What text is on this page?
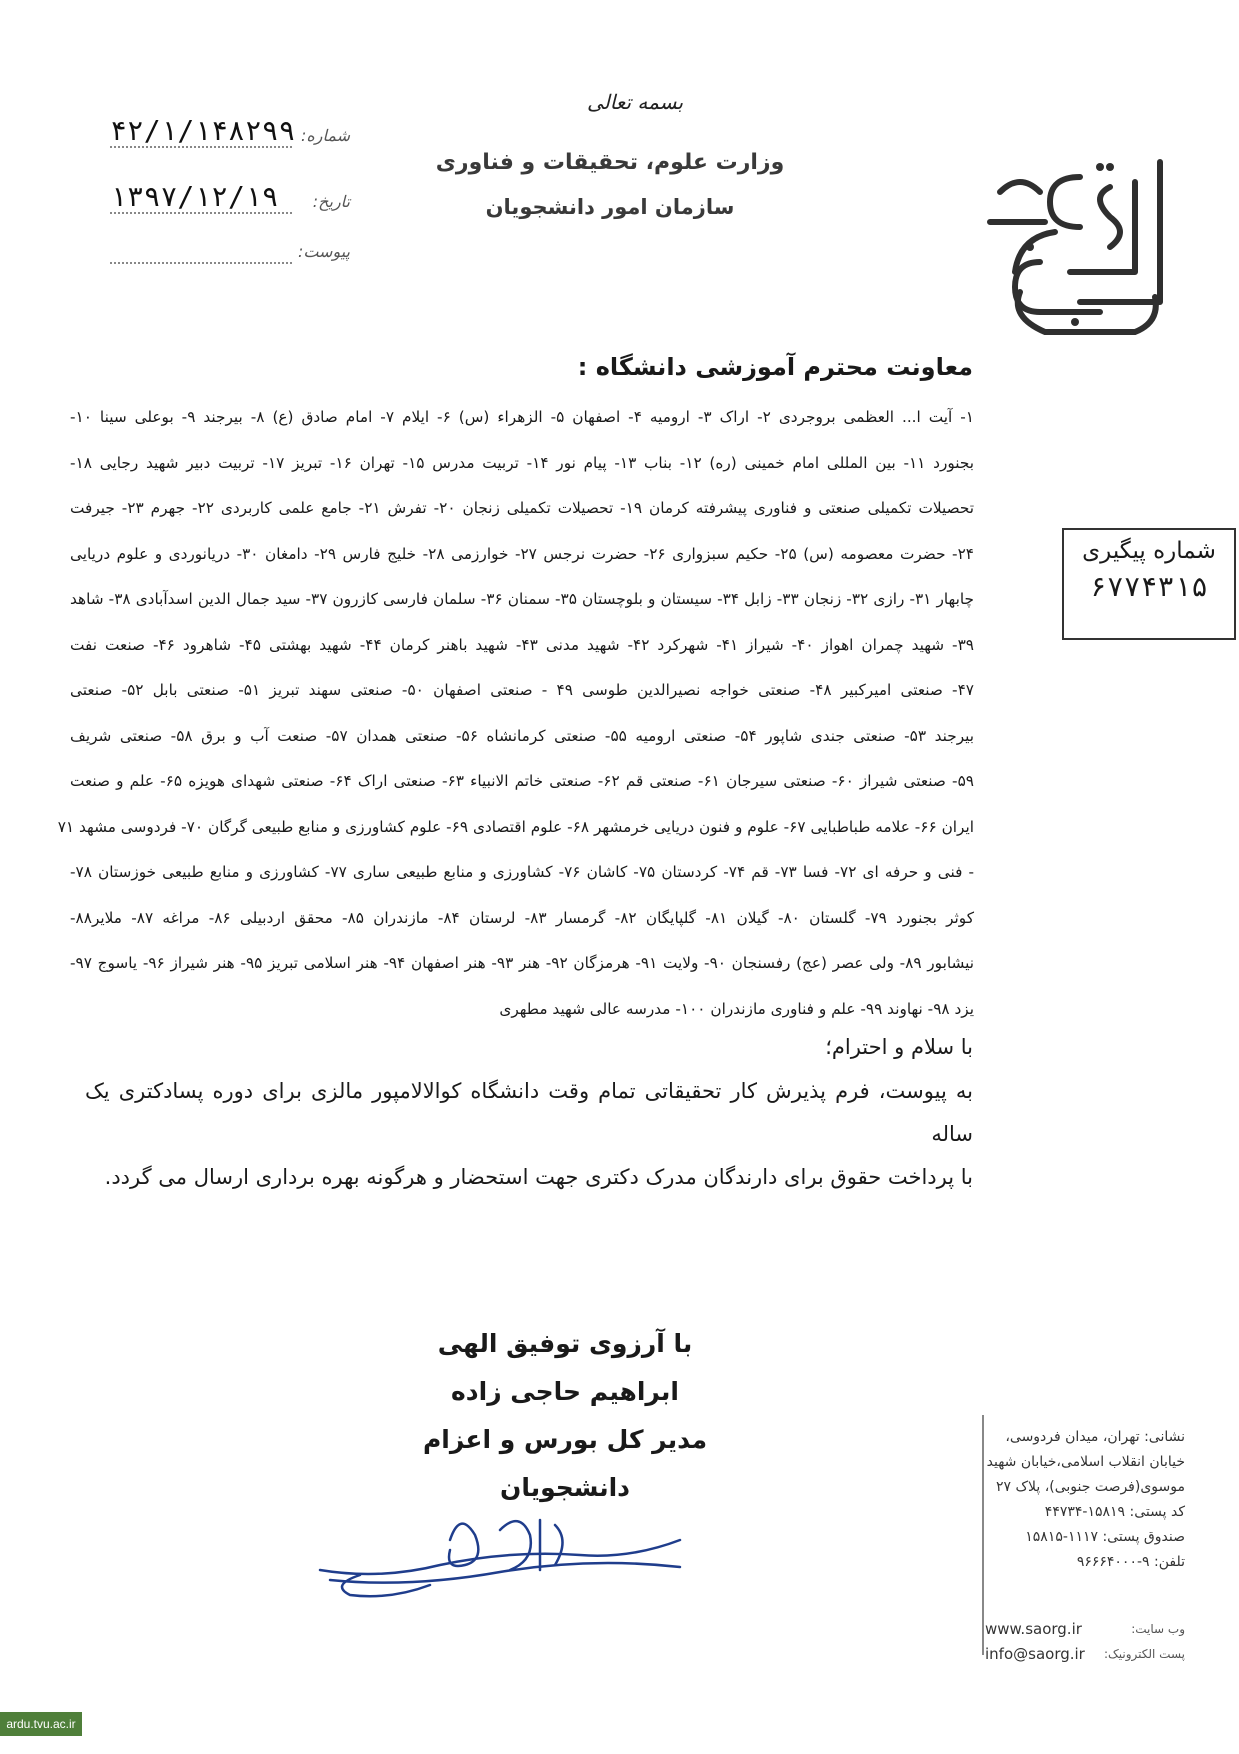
بسمه تعالی
وزارت علوم، تحقیقات و فناوری
سازمان امور دانشجویان
شماره:
۴۲/۱/۱۴۸۲۹۹
تاریخ:
۱۳۹۷/۱۲/۱۹
پیوست:
معاونت محترم آموزشی دانشگاه :
۱- آیت ا... العظمی بروجردی ۲- اراک ۳- ارومیه ۴- اصفهان ۵- الزهراء (س) ۶- ایلام ۷- امام صادق (ع) ۸- بیرجند ۹- بوعلی سینا ۱۰-
بجنورد ۱۱- بین المللی امام خمینی (ره) ۱۲- بناب ۱۳- پیام نور ۱۴- تربیت مدرس ۱۵- تهران ۱۶- تبریز ۱۷- تربیت دبیر شهید رجایی ۱۸-
تحصیلات تکمیلی صنعتی و فناوری پیشرفته کرمان ۱۹- تحصیلات تکمیلی زنجان ۲۰- تفرش ۲۱- جامع علمی کاربردی ۲۲- جهرم ۲۳- جیرفت
۲۴- حضرت معصومه (س) ۲۵- حکیم سبزواری ۲۶- حضرت نرجس ۲۷- خوارزمی ۲۸- خلیج فارس ۲۹- دامغان ۳۰- دریانوردی و علوم دریایی
چابهار ۳۱- رازی ۳۲- زنجان ۳۳- زابل ۳۴- سیستان و بلوچستان ۳۵- سمنان ۳۶- سلمان فارسی کازرون ۳۷- سید جمال الدین اسدآبادی ۳۸- شاهد
۳۹- شهید چمران اهواز ۴۰- شیراز ۴۱- شهرکرد ۴۲- شهید مدنی ۴۳- شهید باهنر کرمان ۴۴- شهید بهشتی ۴۵- شاهرود ۴۶- صنعت نفت
۴۷- صنعتی امیرکبیر ۴۸- صنعتی خواجه نصیرالدین طوسی ۴۹ - صنعتی اصفهان ۵۰- صنعتی سهند تبریز ۵۱- صنعتی بابل ۵۲- صنعتی
بیرجند ۵۳- صنعتی جندی شاپور ۵۴- صنعتی ارومیه ۵۵- صنعتی کرمانشاه ۵۶- صنعتی همدان ۵۷- صنعت آب و برق ۵۸- صنعتی شریف
۵۹- صنعتی شیراز ۶۰- صنعتی سیرجان ۶۱- صنعتی قم ۶۲- صنعتی خاتم الانبیاء ۶۳- صنعتی اراک ۶۴- صنعتی شهدای هویزه ۶۵- علم و صنعت
ایران ۶۶- علامه طباطبایی ۶۷- علوم و فنون دریایی خرمشهر ۶۸- علوم اقتصادی ۶۹- علوم کشاورزی و منابع طبیعی گرگان ۷۰- فردوسی مشهد ۷۱
- فنی و حرفه ای ۷۲- فسا ۷۳- قم ۷۴- کردستان ۷۵- کاشان ۷۶- کشاورزی و منابع طبیعی ساری ۷۷- کشاورزی و منابع طبیعی خوزستان ۷۸-
کوثر بجنورد ۷۹- گلستان ۸۰- گیلان ۸۱- گلپایگان ۸۲- گرمسار ۸۳- لرستان ۸۴- مازندران ۸۵- محقق اردبیلی ۸۶- مراغه ۸۷- ملایر۸۸-
نیشابور ۸۹- ولی عصر (عج) رفسنجان ۹۰- ولایت ۹۱- هرمزگان ۹۲- هنر ۹۳- هنر اصفهان ۹۴- هنر اسلامی تبریز ۹۵- هنر شیراز ۹۶- یاسوج ۹۷-
یزد ۹۸- نهاوند ۹۹- علم و فناوری مازندران ۱۰۰- مدرسه عالی شهید مطهری
شماره پیگیری
۶۷۷۴۳۱۵
با سلام و احترام؛
به پیوست، فرم پذیرش کار تحقیقاتی تمام وقت دانشگاه کوالالامپور مالزی برای دوره پسادکتری یک ساله
با پرداخت حقوق برای دارندگان مدرک دکتری جهت استحضار و هرگونه بهره برداری ارسال می گردد.
با آرزوی توفیق الهی
ابراهیم حاجی زاده
مدیر کل بورس و اعزام دانشجویان
نشانی: تهران، میدان فردوسی،
خیابان انقلاب اسلامی،خیابان شهید
موسوی(فرصت جنوبی)، پلاک ۲۷
کد پستی: ۱۵۸۱۹-۴۴۷۳۴
صندوق پستی: ۱۱۱۷-۱۵۸۱۵
تلفن: ۹-۹۶۶۶۴۰۰۰
www.saorg.ir	وب سایت:
info@saorg.ir پست الکترونیک:
ardu.tvu.ac.ir
